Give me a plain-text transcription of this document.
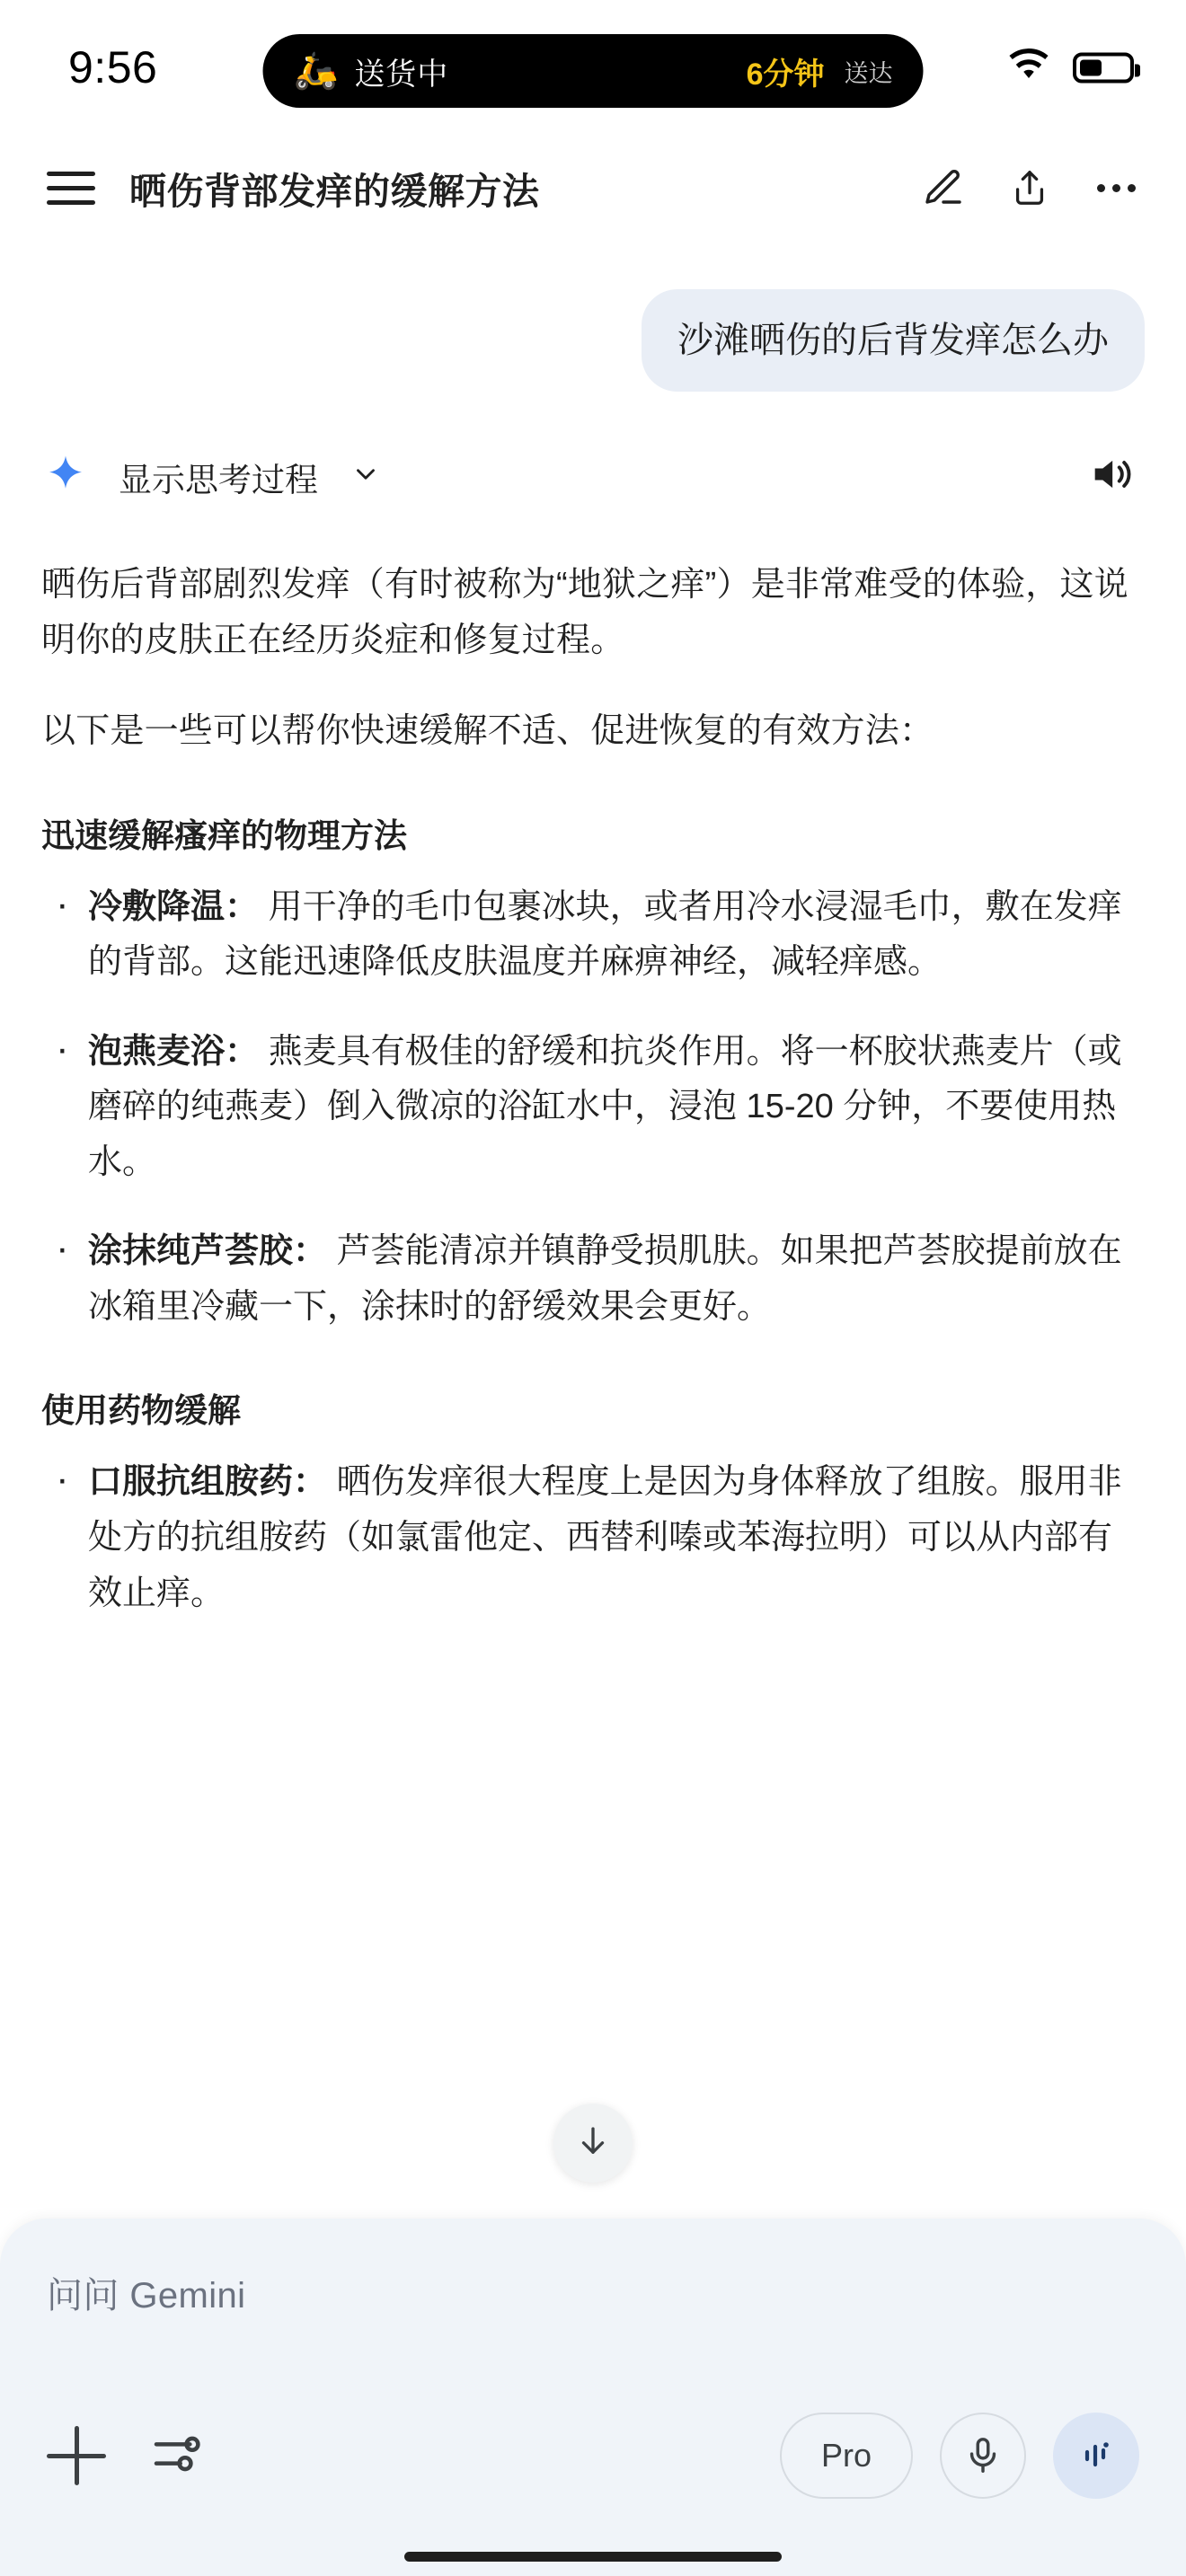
9:56	🛵 送货中	6分钟 送达
晒伤背部发痒的缓解方法
沙滩晒伤的后背发痒怎么办
显示思考过程

晒伤后背部剧烈发痒（有时被称为“地狱之痒”）是非常难受的体验，这说明你的皮肤正在经历炎症和修复过程。

以下是一些可以帮你快速缓解不适、促进恢复的有效方法：

迅速缓解瘙痒的物理方法
· 冷敷降温： 用干净的毛巾包裹冰块，或者用冷水浸湿毛巾，敷在发痒的背部。这能迅速降低皮肤温度并麻痹神经，减轻痒感。
· 泡燕麦浴： 燕麦具有极佳的舒缓和抗炎作用。将一杯胶状燕麦片（或磨碎的纯燕麦）倒入微凉的浴缸水中，浸泡 15-20 分钟，不要使用热水。
· 涂抹纯芦荟胶： 芦荟能清凉并镇静受损肌肤。如果把芦荟胶提前放在冰箱里冷藏一下，涂抹时的舒缓效果会更好。
使用药物缓解
· 口服抗组胺药： 晒伤发痒很大程度上是因为身体释放了组胺。服用非处方的抗组胺药（如氯雷他定、西替利嗪或苯海拉明）可以从内部有效止痒。
问问 Gemini
Pro
